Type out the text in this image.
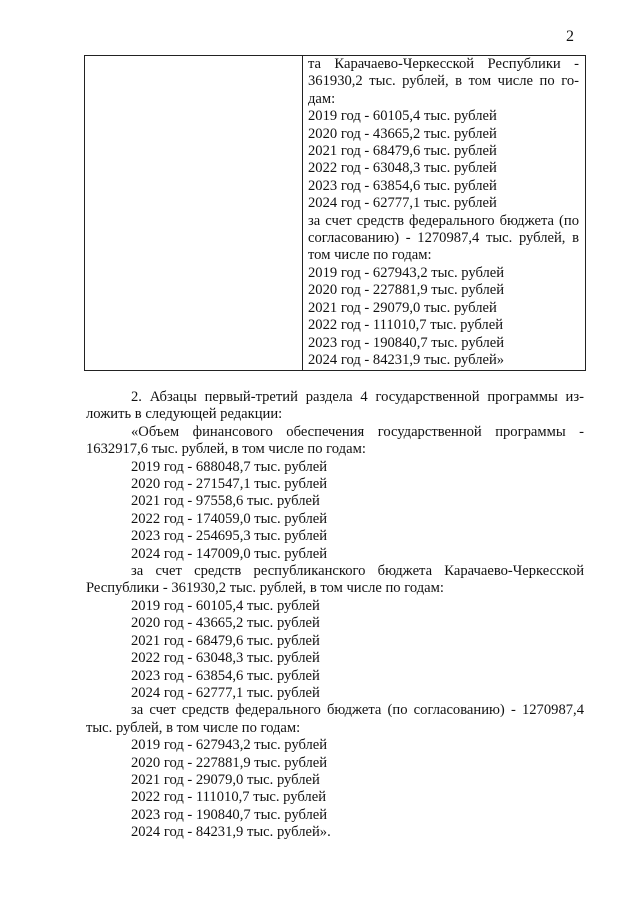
2
та Карачаево-Черкесской Республики -
361930,2 тыс. рублей, в том числе по го-
дам:
2019 год - 60105,4 тыс. рублей
2020 год - 43665,2 тыс. рублей
2021 год - 68479,6 тыс. рублей
2022 год - 63048,3 тыс. рублей
2023 год - 63854,6 тыс. рублей
2024 год - 62777,1 тыс. рублей
за счет средств федерального бюджета (по
согласованию) - 1270987,4 тыс. рублей, в
том числе по годам:
2019 год - 627943,2 тыс. рублей
2020 год - 227881,9 тыс. рублей
2021 год - 29079,0 тыс. рублей
2022 год - 111010,7 тыс. рублей
2023 год - 190840,7 тыс. рублей
2024 год - 84231,9 тыс. рублей»
2. Абзацы первый-третий раздела 4 государственной программы из-
ложить в следующей редакции:
«Объем финансового обеспечения государственной программы -
1632917,6 тыс. рублей, в том числе по годам:
2019 год - 688048,7 тыс. рублей
2020 год - 271547,1 тыс. рублей
2021 год - 97558,6 тыс. рублей
2022 год - 174059,0 тыс. рублей
2023 год - 254695,3 тыс. рублей
2024 год - 147009,0 тыс. рублей
за счет средств республиканского бюджета Карачаево-Черкесской
Республики - 361930,2 тыс. рублей, в том числе по годам:
2019 год - 60105,4 тыс. рублей
2020 год - 43665,2 тыс. рублей
2021 год - 68479,6 тыс. рублей
2022 год - 63048,3 тыс. рублей
2023 год - 63854,6 тыс. рублей
2024 год - 62777,1 тыс. рублей
за счет средств федерального бюджета (по согласованию) - 1270987,4
тыс. рублей, в том числе по годам:
2019 год - 627943,2 тыс. рублей
2020 год - 227881,9 тыс. рублей
2021 год - 29079,0 тыс. рублей
2022 год - 111010,7 тыс. рублей
2023 год - 190840,7 тыс. рублей
2024 год - 84231,9 тыс. рублей».
